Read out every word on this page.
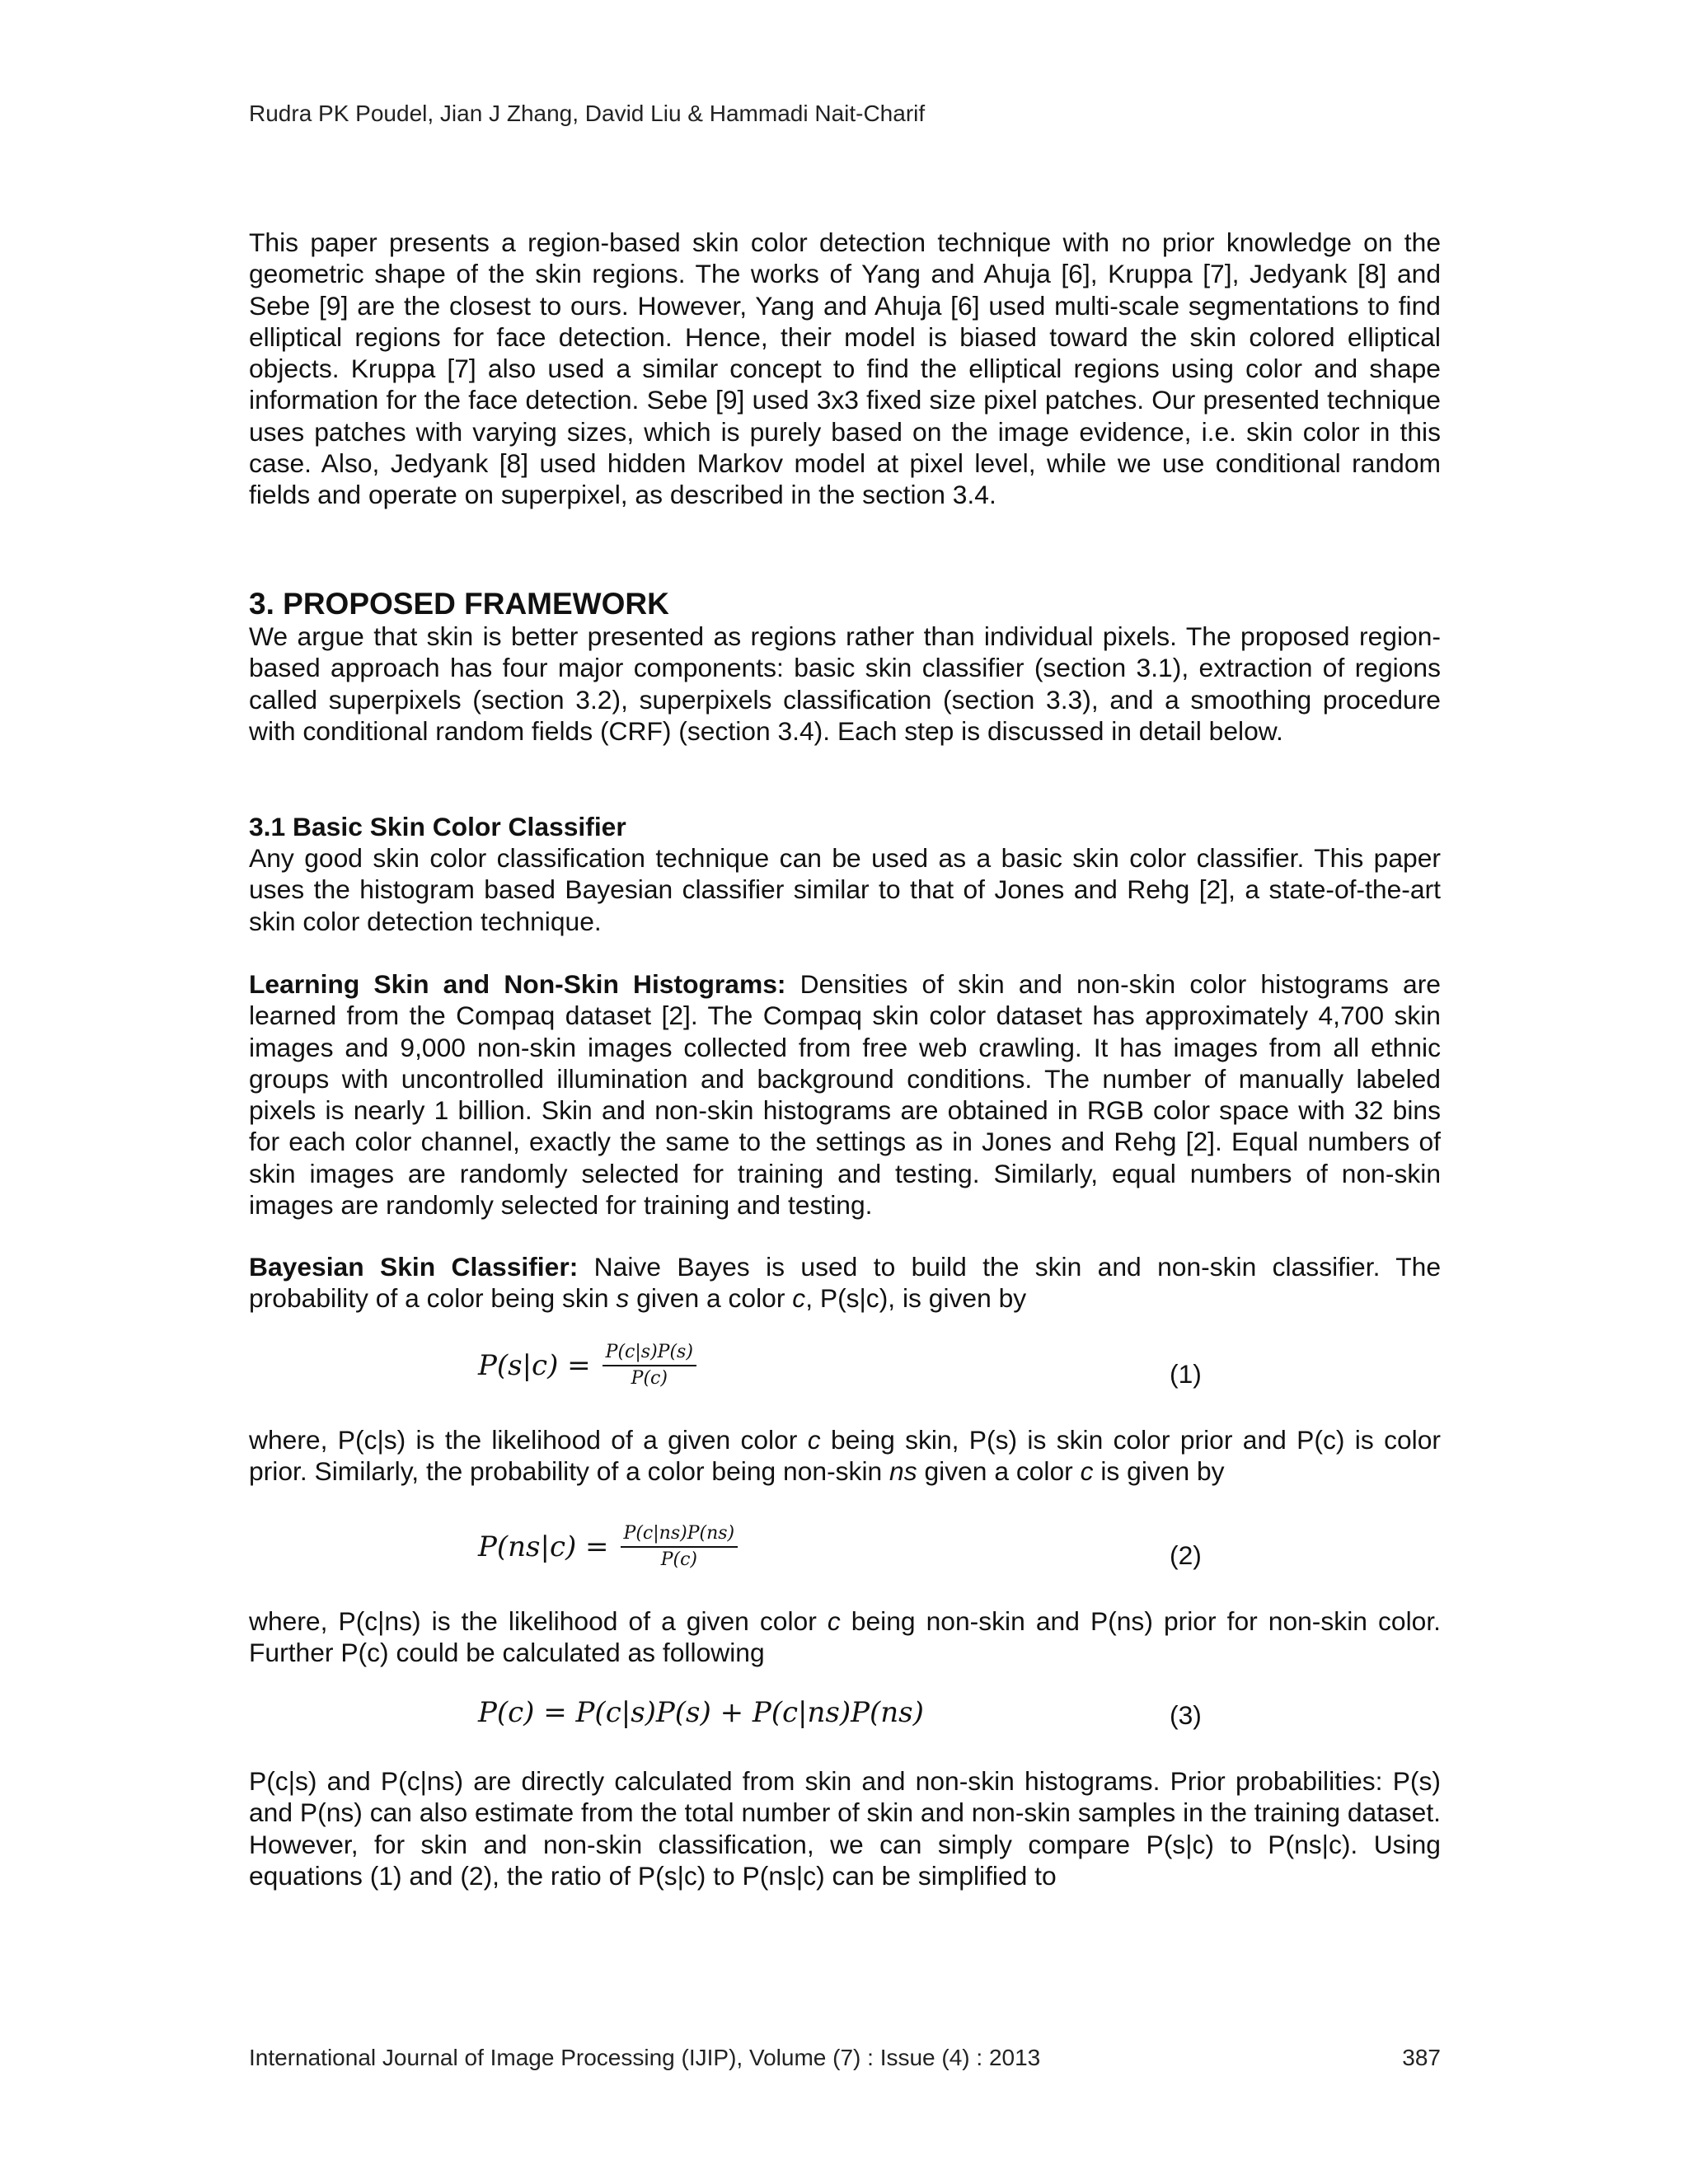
Rudra PK Poudel, Jian J Zhang, David Liu & Hammadi Nait-Charif

This paper presents a region-based skin color detection technique with no prior knowledge on the geometric shape of the skin regions. The works of Yang and Ahuja [6], Kruppa [7], Jedyank [8] and Sebe [9] are the closest to ours. However, Yang and Ahuja [6] used multi-scale segmentations to find elliptical regions for face detection. Hence, their model is biased toward the skin colored elliptical objects. Kruppa [7] also used a similar concept to find the elliptical regions using color and shape information for the face detection. Sebe [9] used 3x3 fixed size pixel patches. Our presented technique uses patches with varying sizes, which is purely based on the image evidence, i.e. skin color in this case. Also, Jedyank [8] used hidden Markov model at pixel level, while we use conditional random fields and operate on superpixel, as described in the section 3.4.

3. PROPOSED FRAMEWORK

We argue that skin is better presented as regions rather than individual pixels. The proposed region-based approach has four major components: basic skin classifier (section 3.1), extraction of regions called superpixels (section 3.2), superpixels classification (section 3.3), and a smoothing procedure with conditional random fields (CRF) (section 3.4). Each step is discussed in detail below.

3.1 Basic Skin Color Classifier

Any good skin color classification technique can be used as a basic skin color classifier. This paper uses the histogram based Bayesian classifier similar to that of Jones and Rehg [2], a state-of-the-art skin color detection technique.

Learning Skin and Non-Skin Histograms: Densities of skin and non-skin color histograms are learned from the Compaq dataset [2]. The Compaq skin color dataset has approximately 4,700 skin images and 9,000 non-skin images collected from free web crawling. It has images from all ethnic groups with uncontrolled illumination and background conditions. The number of manually labeled pixels is nearly 1 billion. Skin and non-skin histograms are obtained in RGB color space with 32 bins for each color channel, exactly the same to the settings as in Jones and Rehg [2]. Equal numbers of skin images are randomly selected for training and testing. Similarly, equal numbers of non-skin images are randomly selected for training and testing.

Bayesian Skin Classifier: Naive Bayes is used to build the skin and non-skin classifier. The probability of a color being skin s given a color c, P(s|c), is given by

$P(s|c) = \frac{P(c|s)P(s)}{P(c)}$	(1)

where, P(c|s) is the likelihood of a given color c being skin, P(s) is skin color prior and P(c) is color prior. Similarly, the probability of a color being non-skin ns given a color c is given by

$P(ns|c) = \frac{P(c|ns)P(ns)}{P(c)}$	(2)

where, P(c|ns) is the likelihood of a given color c being non-skin and P(ns) prior for non-skin color. Further P(c) could be calculated as following

P(c) = P(c|s)P(s) + P(c|ns)P(ns)	(3)

P(c|s) and P(c|ns) are directly calculated from skin and non-skin histograms. Prior probabilities: P(s) and P(ns) can also estimate from the total number of skin and non-skin samples in the training dataset. However, for skin and non-skin classification, we can simply compare P(s|c) to P(ns|c). Using equations (1) and (2), the ratio of P(s|c) to P(ns|c) can be simplified to

International Journal of Image Processing (IJIP), Volume (7) : Issue (4) : 2013	387
